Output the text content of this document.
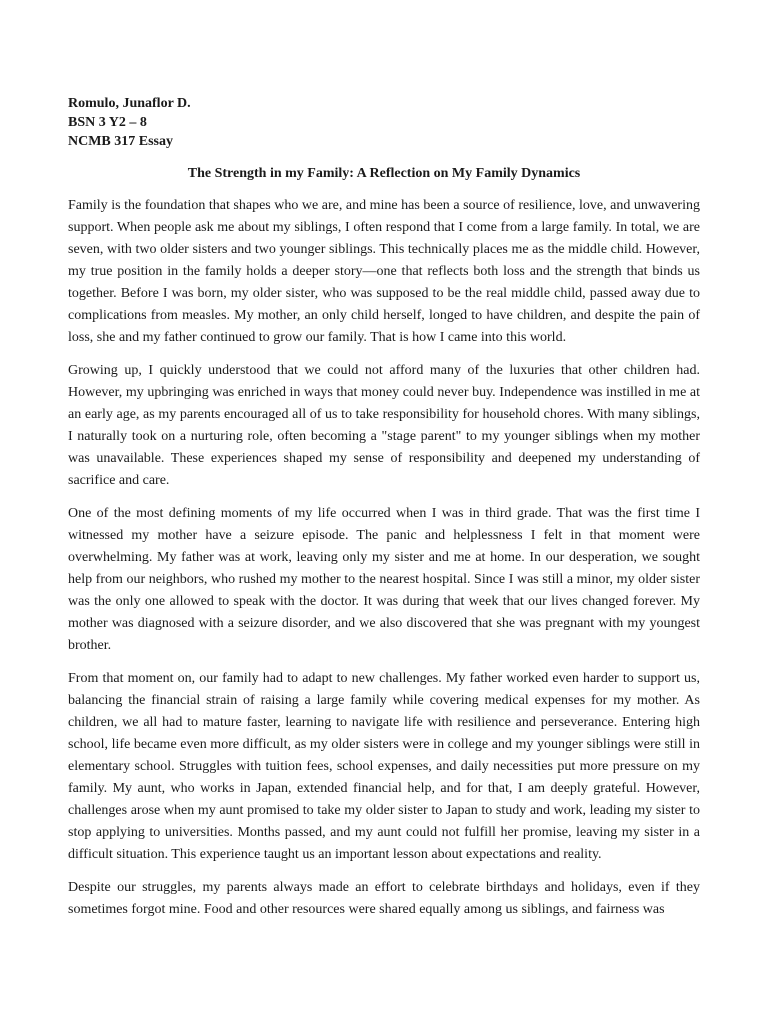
Romulo, Junaflor D.

BSN 3 Y2 – 8

NCMB 317 Essay

The Strength in my Family: A Reflection on My Family Dynamics

Family is the foundation that shapes who we are, and mine has been a source of resilience, love, and unwavering support. When people ask me about my siblings, I often respond that I come from a large family. In total, we are seven, with two older sisters and two younger siblings. This technically places me as the middle child. However, my true position in the family holds a deeper story—one that reflects both loss and the strength that binds us together. Before I was born, my older sister, who was supposed to be the real middle child, passed away due to complications from measles. My mother, an only child herself, longed to have children, and despite the pain of loss, she and my father continued to grow our family. That is how I came into this world.

Growing up, I quickly understood that we could not afford many of the luxuries that other children had. However, my upbringing was enriched in ways that money could never buy. Independence was instilled in me at an early age, as my parents encouraged all of us to take responsibility for household chores. With many siblings, I naturally took on a nurturing role, often becoming a "stage parent" to my younger siblings when my mother was unavailable. These experiences shaped my sense of responsibility and deepened my understanding of sacrifice and care.

One of the most defining moments of my life occurred when I was in third grade. That was the first time I witnessed my mother have a seizure episode. The panic and helplessness I felt in that moment were overwhelming. My father was at work, leaving only my sister and me at home. In our desperation, we sought help from our neighbors, who rushed my mother to the nearest hospital. Since I was still a minor, my older sister was the only one allowed to speak with the doctor. It was during that week that our lives changed forever. My mother was diagnosed with a seizure disorder, and we also discovered that she was pregnant with my youngest brother.

From that moment on, our family had to adapt to new challenges. My father worked even harder to support us, balancing the financial strain of raising a large family while covering medical expenses for my mother. As children, we all had to mature faster, learning to navigate life with resilience and perseverance. Entering high school, life became even more difficult, as my older sisters were in college and my younger siblings were still in elementary school. Struggles with tuition fees, school expenses, and daily necessities put more pressure on my family. My aunt, who works in Japan, extended financial help, and for that, I am deeply grateful. However, challenges arose when my aunt promised to take my older sister to Japan to study and work, leading my sister to stop applying to universities. Months passed, and my aunt could not fulfill her promise, leaving my sister in a difficult situation. This experience taught us an important lesson about expectations and reality.

Despite our struggles, my parents always made an effort to celebrate birthdays and holidays, even if they sometimes forgot mine. Food and other resources were shared equally among us siblings, and fairness was
